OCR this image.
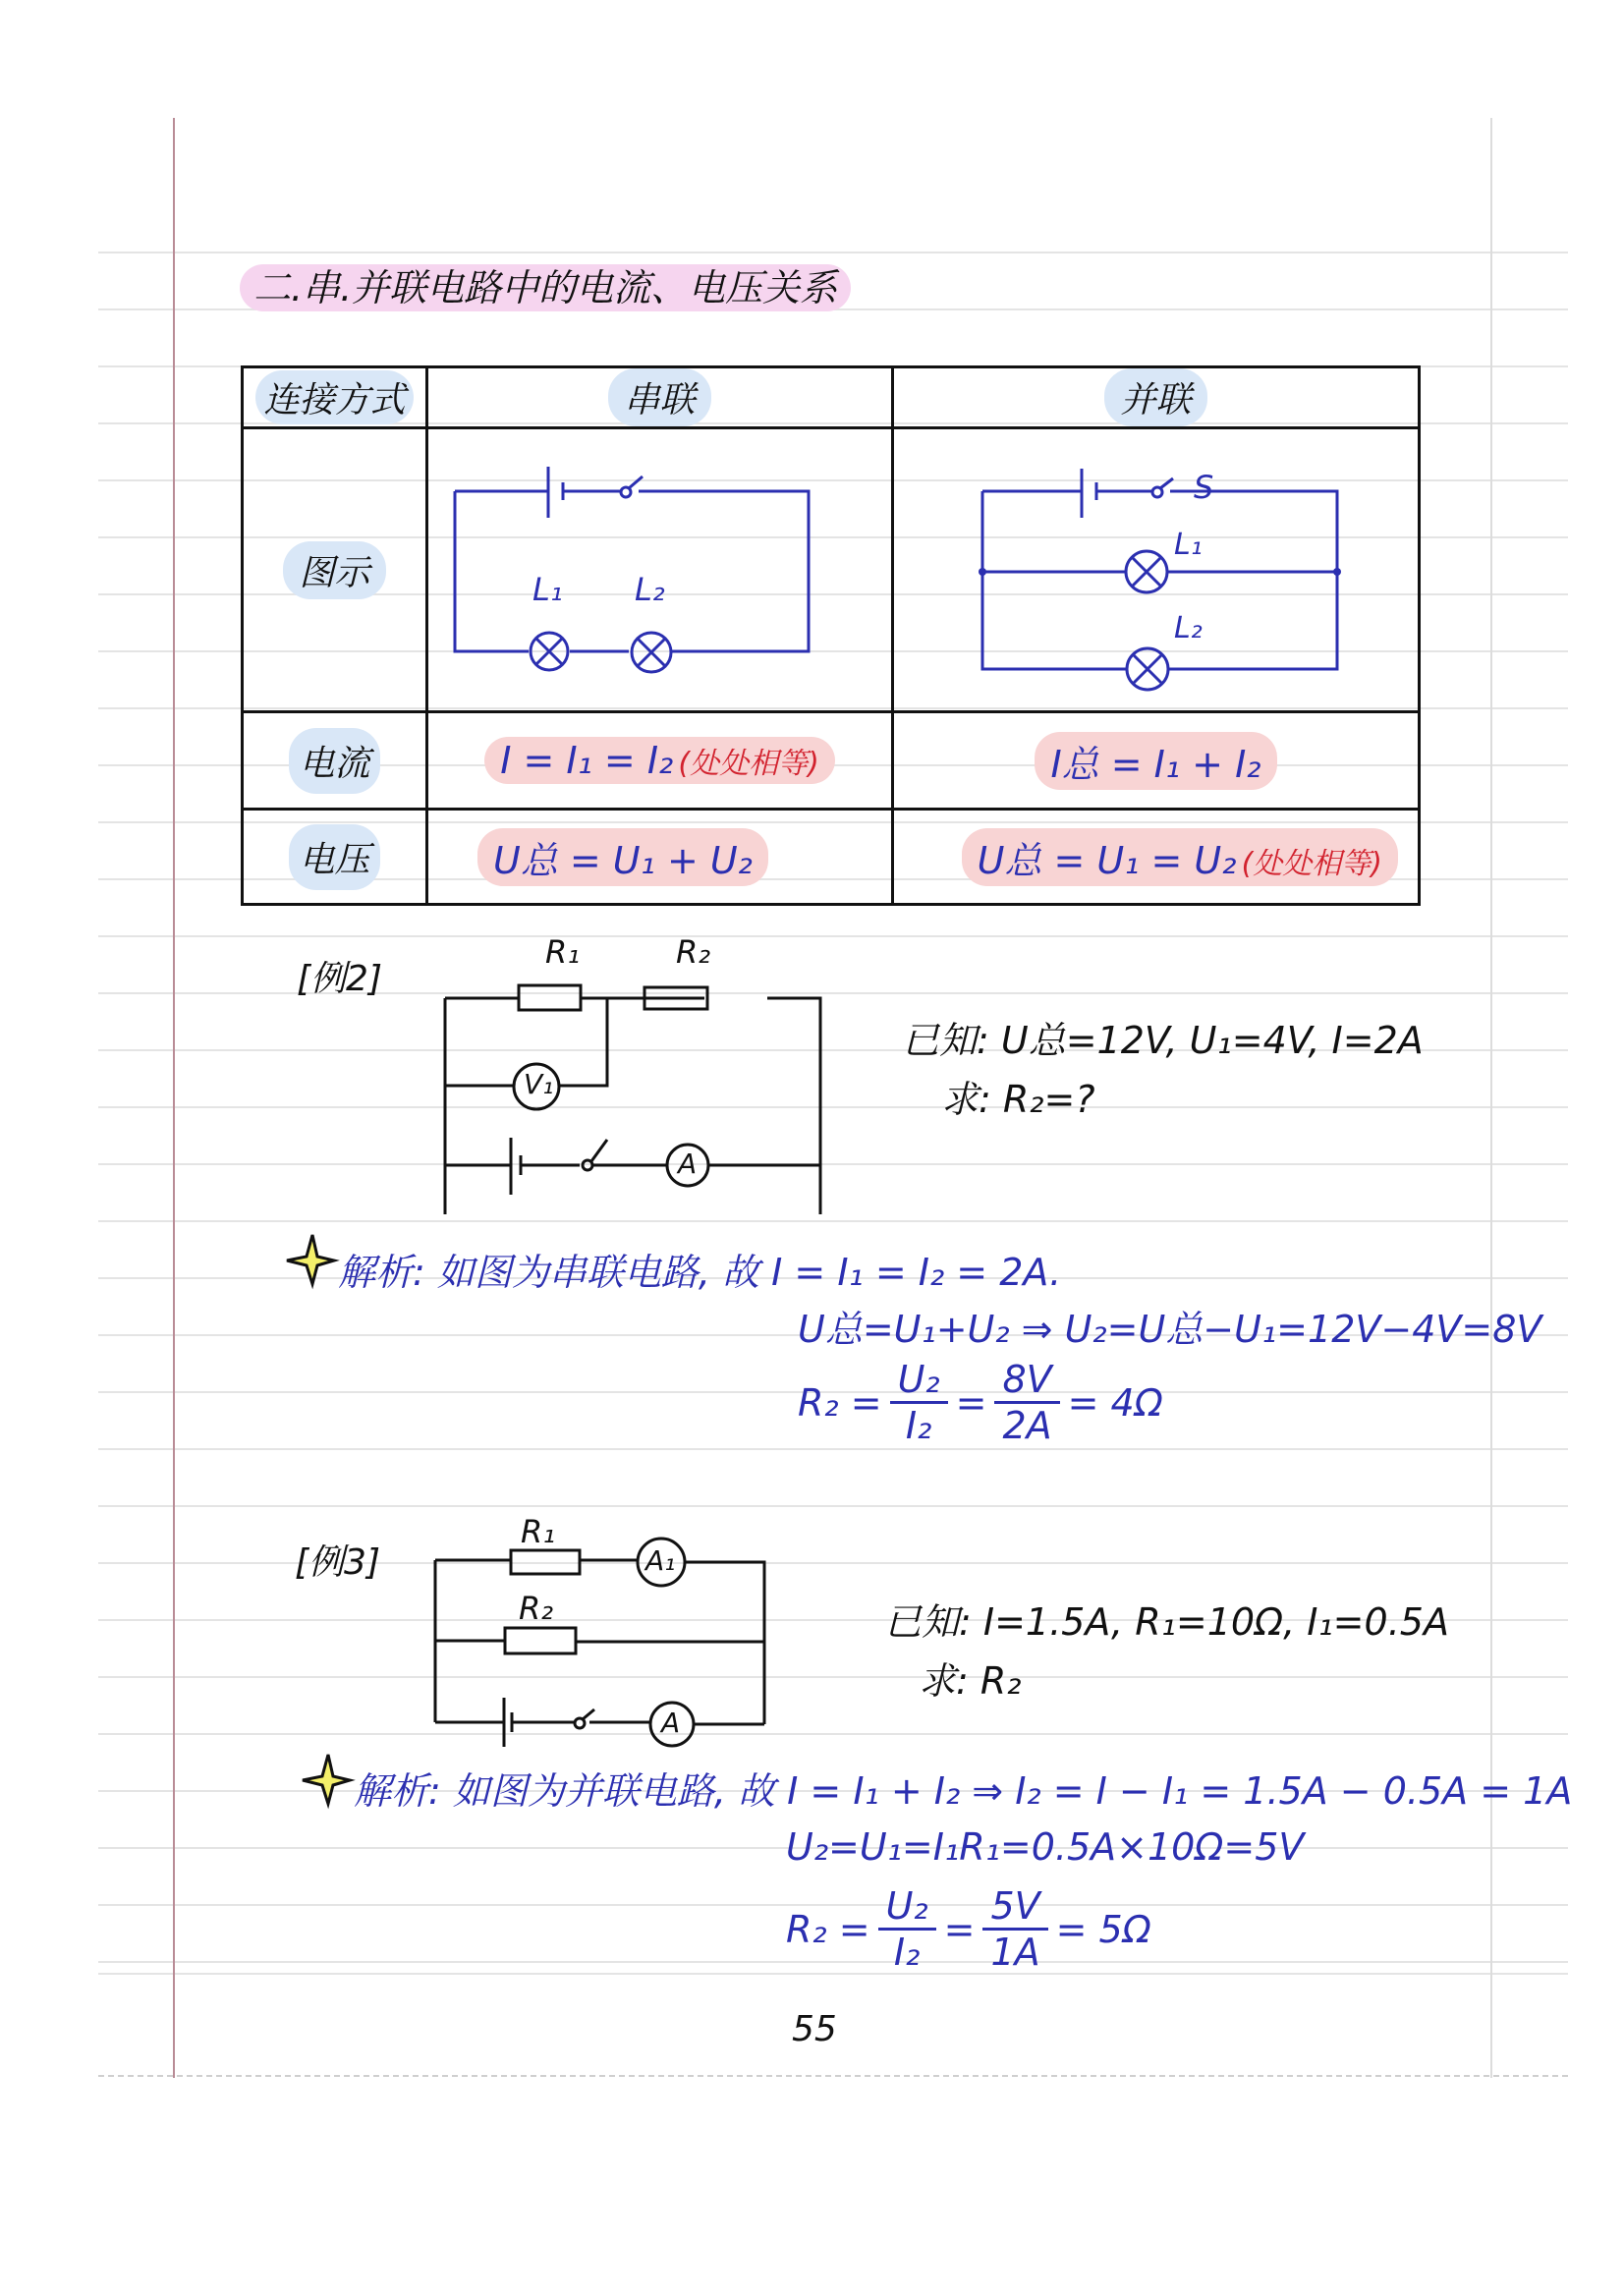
二.串.并联电路中的电流、电压关系
连接方式	串联	并联

图示	L₁ L₂	S
L₁
L₂

电流	I = I₁ = I₂ (处处相等)	I总 = I₁ + I₂

电压	U总 = U₁ + U₂	U总 = U₁ = U₂ (处处相等)
[例2]
R₁	R₂
V₁
A
已知: U总=12V, U₁=4V, I=2A
求: R₂=?
解析: 如图为串联电路, 故 I = I₁ = I₂ = 2A.
U总=U₁+U₂ ⇒ U₂=U总−U₁=12V−4V=8V
$R_2 = \frac{\text{U₂}}{\text{I₂}} = \frac{8V}{2A} = 4\Omega$
[例3]
R₁
R₂
A₁
A
已知: I=1.5A, R₁=10Ω, I₁=0.5A
求: R₂
解析: 如图为并联电路, 故 I = I₁ + I₂ ⇒ I₂ = I − I₁ = 1.5A − 0.5A = 1A
U₂=U₁=I₁R₁=0.5A×10Ω=5V
$R_2 = \frac{\text{U₂}}{\text{I₂}} = \frac{5V}{1A} = 5\Omega$
55
